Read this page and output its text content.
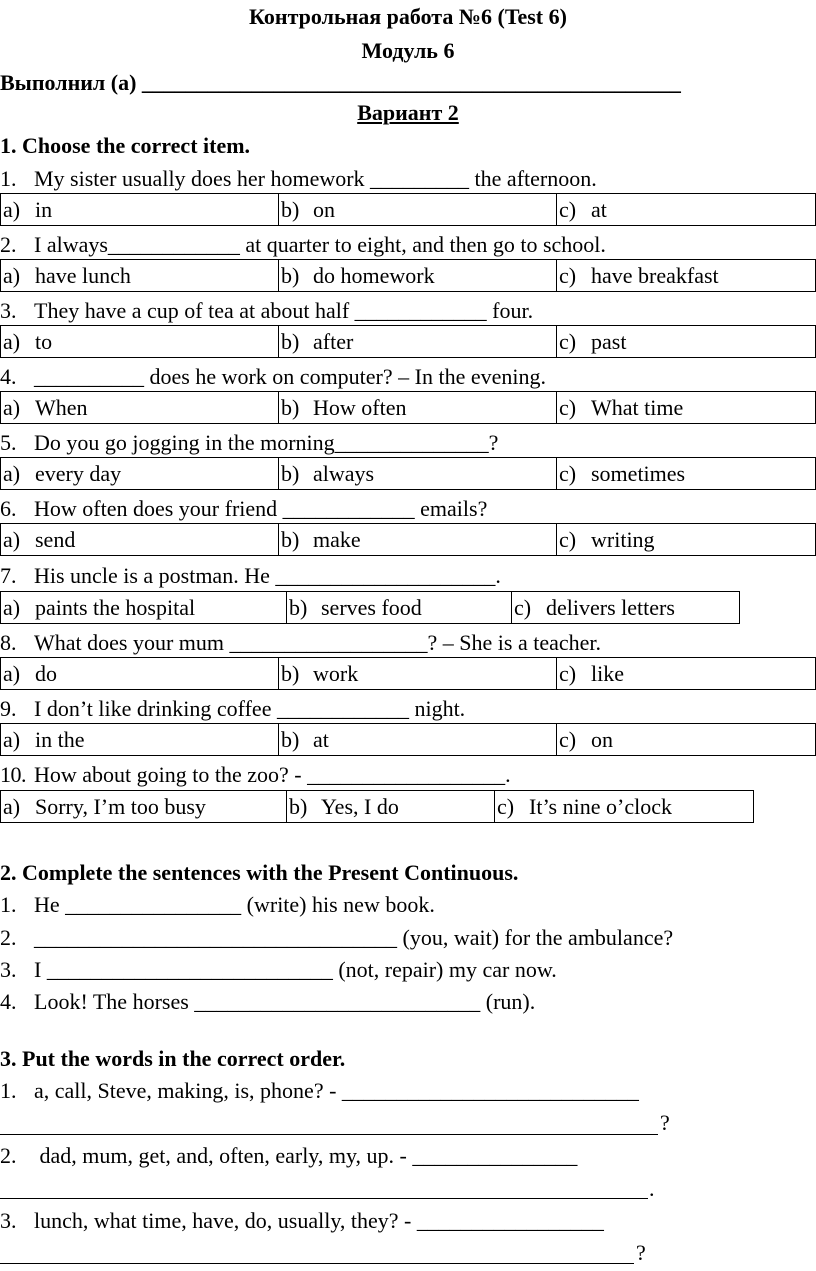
Контрольная работа №6 (Test 6)
Модуль 6
Выполнил (а) _________________________________________________
Вариант 2
1. Choose the correct item.
1. My sister usually does her homework _________ the afternoon.
a) in	b) on	c) at
2. I always____________ at quarter to eight, and then go to school.
a) have lunch	b) do homework	c) have breakfast
3. They have a cup of tea at about half ____________ four.
a) to	b) after	c) past
4. __________ does he work on computer? – In the evening.
a) When	b) How often	c) What time
5. Do you go jogging in the morning______________?
a) every day	b) always	c) sometimes
6. How often does your friend ____________ emails?
a) send	b) make	c) writing
7. His uncle is a postman. He ____________________.
a) paints the hospital	b) serves food	c) delivers letters
8. What does your mum __________________? – She is a teacher.
a) do	b) work	c) like
9. I don’t like drinking coffee ____________ night.
a) in the	b) at	c) on
10. How about going to the zoo? - __________________.
a) Sorry, I’m too busy	b) Yes, I do	c) It’s nine o’clock
2. Complete the sentences with the Present Continuous.
1. He ________________ (write) his new book.
2. _________________________________ (you, wait) for the ambulance?
3. I __________________________ (not, repair) my car now.
4. Look! The horses __________________________ (run).
3. Put the words in the correct order.
1. a, call, Steve, making, is, phone? - ___________________________
?
2. dad, mum, get, and, often, early, my, up. - _______________
.
3. lunch, what time, have, do, usually, they? - _________________
?
